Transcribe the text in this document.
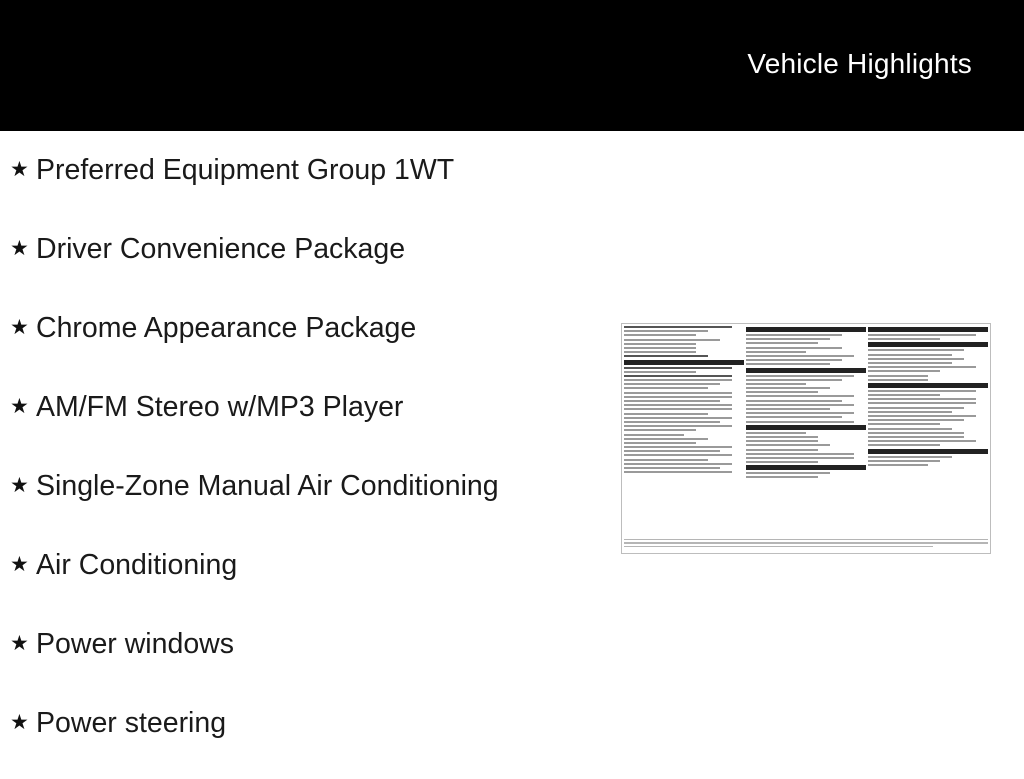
Vehicle Highlights
★ Preferred Equipment Group 1WT
★ Driver Convenience Package
★ Chrome Appearance Package
★ AM/FM Stereo w/MP3 Player
★ Single-Zone Manual Air Conditioning
★ Air Conditioning
★ Power windows
★ Power steering
